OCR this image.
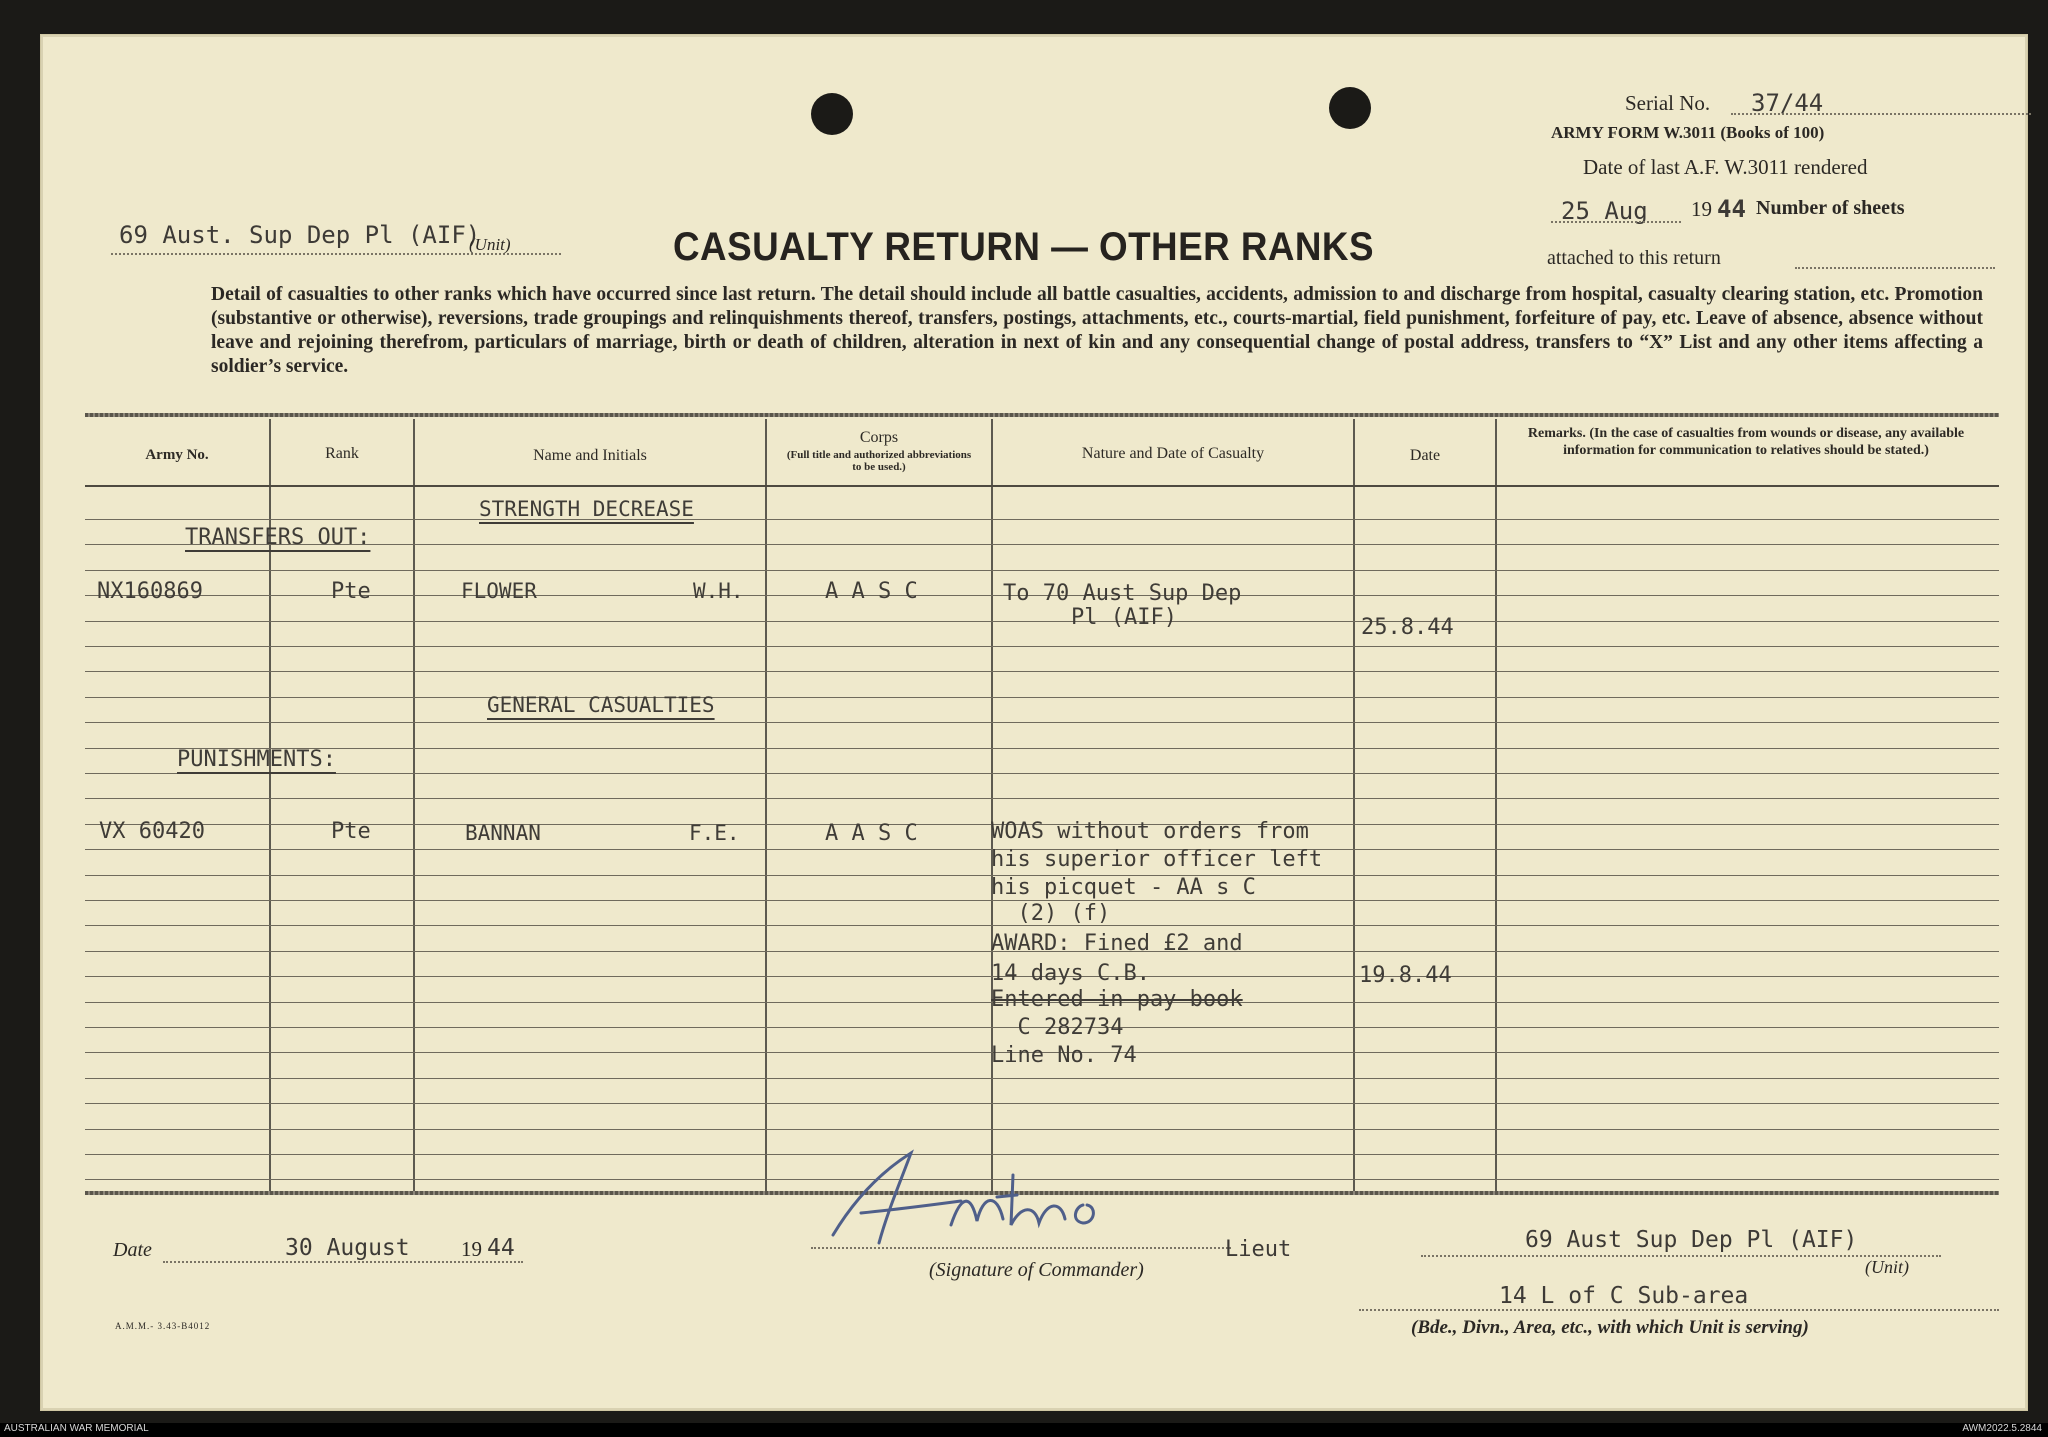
Serial No. 37/44
ARMY FORM W.3011 (Books of 100)
Date of last A.F. W.3011 rendered
25 Aug 19 44 Number of sheets
attached to this return
69 Aust. Sup Dep Pl (AIF)
(Unit)	CASUALTY RETURN — OTHER RANKS
Detail of casualties to other ranks which have occurred since last return. The detail should include all battle casualties, accidents, admission to and discharge from hospital, casualty clearing station, etc. Promotion (substantive or otherwise), reversions, trade groupings and relinquishments thereof, transfers, postings, attachments, etc., courts-martial, field punishment, forfeiture of pay, etc. Leave of absence, absence without leave and rejoining therefrom, particulars of marriage, birth or death of children, alteration in next of kin and any consequential change of postal address, transfers to “X” List and any other items affecting a soldier’s service.
Army No.	Rank	Name and Initials
Corps
(Full title and authorized abbreviations to be used.)
Nature and Date of Casualty	Date
Remarks. (In the case of casualties from wounds or disease, any available information for communication to relatives should be stated.)
STRENGTH DECREASE
TRANSFERS OUT:
NX160869	Pte	FLOWER	W.H.	A A S C	To 70 Aust Sup Dep
Pl (AIF)	25.8.44
GENERAL CASUALTIES
PUNISHMENTS:
VX 60420	Pte	BANNAN	F.E.	A A S C	WOAS without orders from
his superior officer left
his picquet - AA s C
(2) (f)
AWARD: Fined £2 and
14 days C.B.
Entered in pay book
C 282734
Line No. 74
19.8.44
Date	30 August 19 44
(Signature of Commander)
Lieut	69 Aust Sup Dep Pl (AIF)
(Unit)
14 L of C Sub-area
(Bde., Divn., Area, etc., with which Unit is serving)
A.M.M.- 3.43-B4012
AUSTRALIAN WAR MEMORIAL	AWM2022.5.2844
